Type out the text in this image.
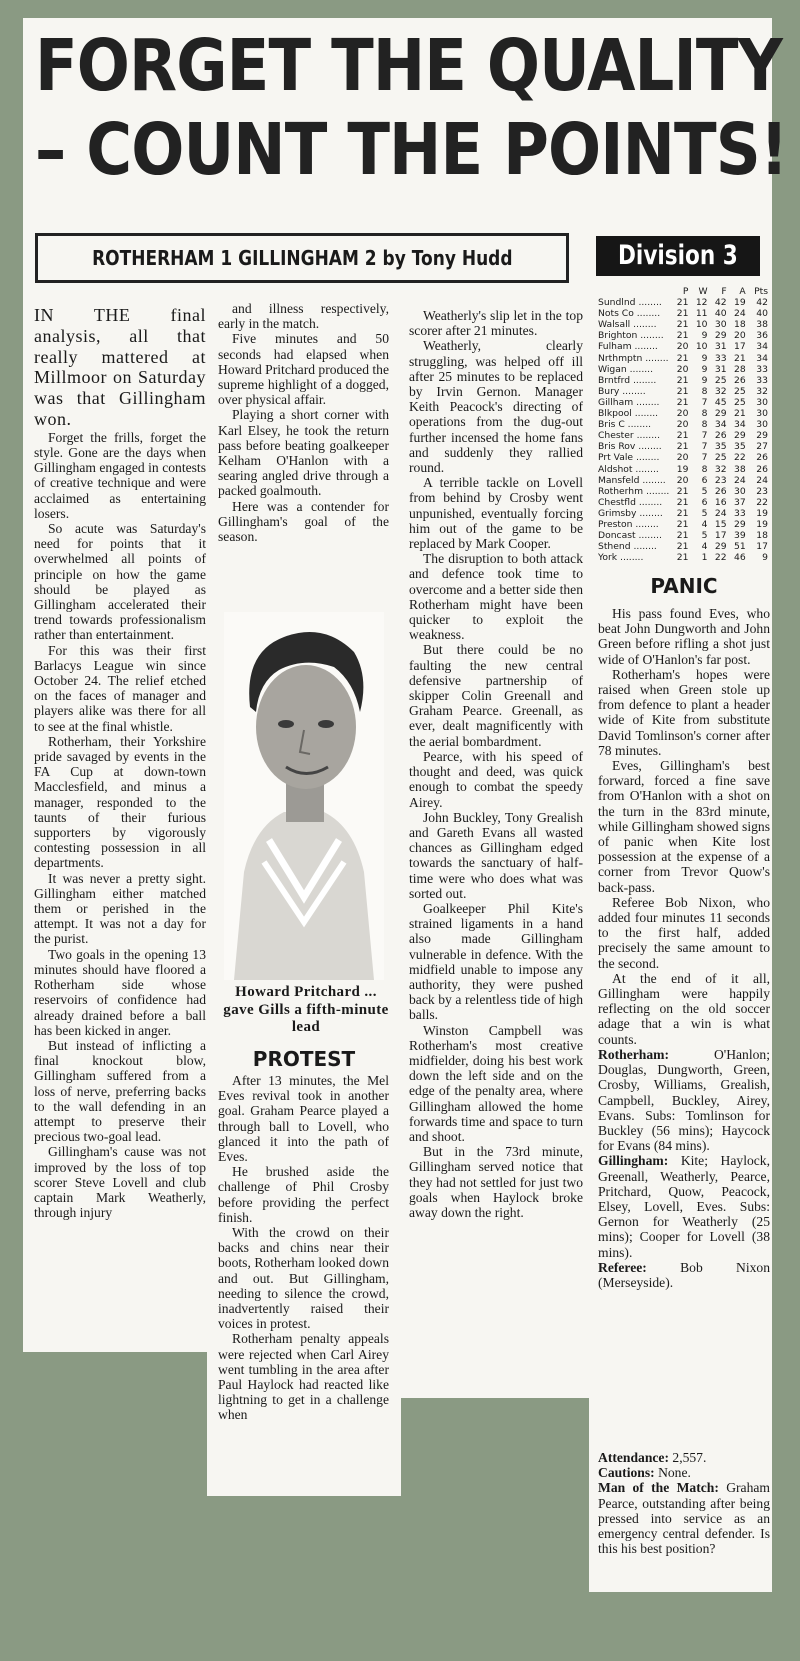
FORGET THE QUALITY
– COUNT THE POINTS!
ROTHERHAM 1 GILLINGHAM 2 by Tony Hudd	Division 3
	P	W	F	A	Pts
Sundlnd ........	21	12	42	19	42
Nots Co ........	21	11	40	24	40
Walsall ........	21	10	30	18	38
Brighton ........	21	9	29	20	36
Fulham ........	20	10	31	17	34
Nrthmptn ........	21	9	33	21	34
Wigan ........	20	9	31	28	33
Brntfrd ........	21	9	25	26	33
Bury ........	21	8	32	25	32
Gillham ........	21	7	45	25	30
Blkpool ........	20	8	29	21	30
Bris C ........	20	8	34	34	30
Chester ........	21	7	26	29	29
Bris Rov ........	21	7	35	35	27
Prt Vale ........	20	7	25	22	26
Aldshot ........	19	8	32	38	26
Mansfeld ........	20	6	23	24	24
Rotherhm ........	21	5	26	30	23
Chestfld ........	21	6	16	37	22
Grimsby ........	21	5	24	33	19
Preston ........	21	4	15	29	19
Doncast ........	21	5	17	39	18
Sthend ........	21	4	29	51	17
York ........	21	1	22	46	9

IN THE final analysis, all that really mattered at Millmoor on Saturday was that Gillingham won.

Forget the frills, forget the style. Gone are the days when Gillingham engaged in contests of creative technique and were acclaimed as entertaining losers.

So acute was Saturday's need for points that it overwhelmed all points of principle on how the game should be played as Gillingham accelerated their trend towards professionalism rather than entertainment.

For this was their first Barlacys League win since October 24. The relief etched on the faces of manager and players alike was there for all to see at the final whistle.

Rotherham, their Yorkshire pride savaged by events in the FA Cup at down-town Macclesfield, and minus a manager, responded to the taunts of their furious supporters by vigorously contesting possession in all departments.

It was never a pretty sight. Gillingham either matched them or perished in the attempt. It was not a day for the purist.

Two goals in the opening 13 minutes should have floored a Rotherham side whose reservoirs of confidence had already drained before a ball has been kicked in anger.

But instead of inflicting a final knockout blow, Gillingham suffered from a loss of nerve, preferring backs to the wall defending in an attempt to preserve their precious two-goal lead.

Gillingham's cause was not improved by the loss of top scorer Steve Lovell and club captain Mark Weatherly, through injury

and illness respectively, early in the match.

Five minutes and 50 seconds had elapsed when Howard Pritchard produced the supreme highlight of a dogged, over physical affair.

Playing a short corner with Karl Elsey, he took the return pass before beating goalkeeper Kelham O'Hanlon with a searing angled drive through a packed goalmouth.

Here was a contender for Gillingham's goal of the season.

Howard Pritchard ... gave Gills a fifth-minute lead
PROTEST

After 13 minutes, the Mel Eves revival took in another goal. Graham Pearce played a through ball to Lovell, who glanced it into the path of Eves.

He brushed aside the challenge of Phil Crosby before providing the perfect finish.

With the crowd on their backs and chins near their boots, Rotherham looked down and out. But Gillingham, needing to silence the crowd, inadvertently raised their voices in protest.

Rotherham penalty appeals were rejected when Carl Airey went tumbling in the area after Paul Haylock had reacted like lightning to get in a challenge when

Weatherly's slip let in the top scorer after 21 minutes.

Weatherly, clearly struggling, was helped off ill after 25 minutes to be replaced by Irvin Gernon. Manager Keith Peacock's directing of operations from the dug-out further incensed the home fans and suddenly they rallied round.

A terrible tackle on Lovell from behind by Crosby went unpunished, eventually forcing him out of the game to be replaced by Mark Cooper.

The disruption to both attack and defence took time to overcome and a better side then Rotherham might have been quicker to exploit the weakness.

But there could be no faulting the new central defensive partnership of skipper Colin Greenall and Graham Pearce. Greenall, as ever, dealt magnificently with the aerial bombardment.

Pearce, with his speed of thought and deed, was quick enough to combat the speedy Airey.

John Buckley, Tony Grealish and Gareth Evans all wasted chances as Gillingham edged towards the sanctuary of half-time were who does what was sorted out.

Goalkeeper Phil Kite's strained ligaments in a hand also made Gillingham vulnerable in defence. With the midfield unable to impose any authority, they were pushed back by a relentless tide of high balls.

Winston Campbell was Rotherham's most creative midfielder, doing his best work down the left side and on the edge of the penalty area, where Gillingham allowed the home forwards time and space to turn and shoot.

But in the 73rd minute, Gillingham served notice that they had not settled for just two goals when Haylock broke away down the right.

PANIC

His pass found Eves, who beat John Dungworth and John Green before rifling a shot just wide of O'Hanlon's far post.

Rotherham's hopes were raised when Green stole up from defence to plant a header wide of Kite from substitute David Tomlinson's corner after 78 minutes.

Eves, Gillingham's best forward, forced a fine save from O'Hanlon with a shot on the turn in the 83rd minute, while Gillingham showed signs of panic when Kite lost possession at the expense of a corner from Trevor Quow's back-pass.

Referee Bob Nixon, who added four minutes 11 seconds to the first half, added precisely the same amount to the second.

At the end of it all, Gillingham were happily reflecting on the old soccer adage that a win is what counts.

Rotherham:	O'Hanlon; Douglas, Dungworth, Green, Crosby, Williams, Grealish, Campbell, Buckley, Airey, Evans. Subs: Tomlinson for Buckley (56 mins); Haycock for Evans (84 mins).

Gillingham: Kite; Haylock, Greenall, Weatherly, Pearce, Pritchard, Quow, Peacock, Elsey, Lovell, Eves. Subs: Gernon for Weatherly (25 mins); Cooper for Lovell (38 mins).

Referee: Bob Nixon (Merseyside).

Attendance: 2,557.

Cautions: None.

Man of the Match: Graham Pearce, outstanding after being pressed into service as an emergency central defender. Is this his best position?
